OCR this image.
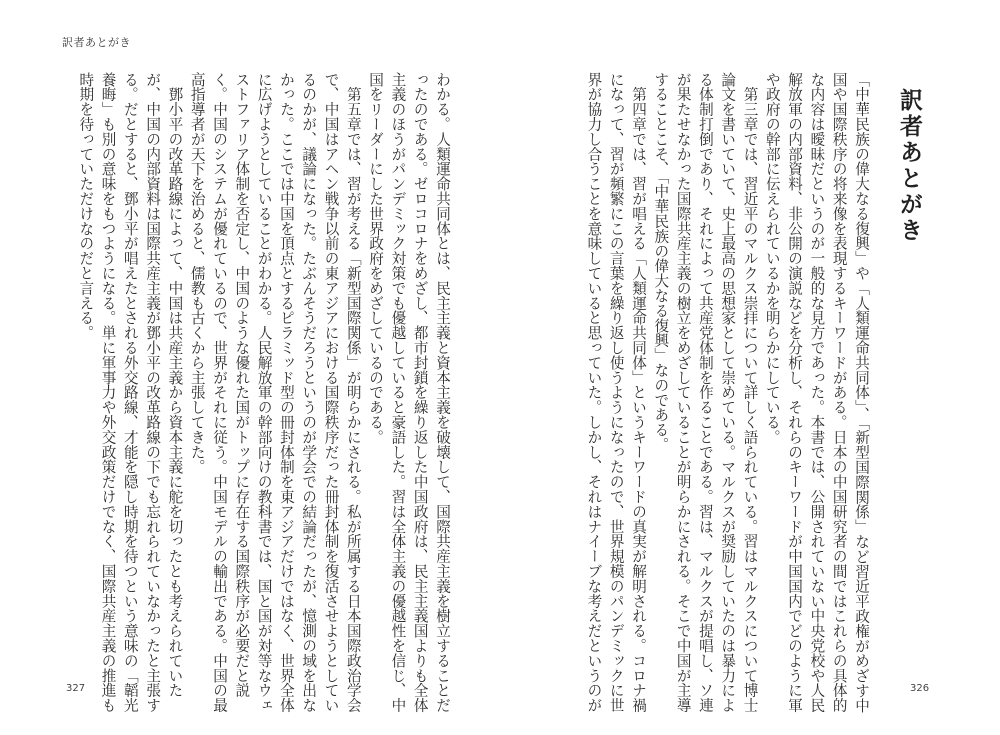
訳者あとがき
わかる。人類運命共同体とは、民主主義と資本主義を破壊して、国際共産主義を樹立することだ
ったのである。ゼロコロナをめざし、都市封鎖を繰り返した中国政府は、民主主義国よりも全体
主義のほうがパンデミック対策でも優越していると豪語した。習は全体主義の優越性を信じ、中
国をリーダーにした世界政府をめざしているのである。
　第五章では、習が考える「新型国際関係」が明らかにされる。私が所属する日本国際政治学会
で、中国はアヘン戦争以前の東アジアにおける国際秩序だった冊封体制を復活させようとしてい
るのかが、議論になった。たぶんそうだろうというのが学会での結論だったが、憶測の域を出な
かった。ここでは中国を頂点とするピラミッド型の冊封体制を東アジアだけではなく、世界全体
に広げようとしていることがわかる。人民解放軍の幹部向けの教科書では、国と国が対等なウェ
ストファリア体制を否定し、中国のような優れた国がトップに存在する国際秩序が必要だと説
く。中国のシステムが優れているので、世界がそれに従う。中国モデルの輸出である。中国の最
高指導者が天下を治めると、儒教も古くから主張してきた。
　鄧小平の改革路線によって、中国は共産主義から資本主義に舵を切ったとも考えられていた
が、中国の内部資料は国際共産主義が鄧小平の改革路線の下でも忘れられていなかったと主張す
る。だとすると、鄧小平が唱えたとされる外交路線、才能を隠し時期を待つという意味の「韜光
養晦」も別の意味をもつようになる。単に軍事力や外交政策だけでなく、国際共産主義の推進も
時期を待っていただけなのだと言える。
327
訳者あとがき
「中華民族の偉大なる復興」や「人類運命共同体」、「新型国際関係」など習近平政権がめざす中
国や国際秩序の将来像を表現するキーワードがある。日本の中国研究者の間ではこれらの具体的
な内容は曖昧だというのが一般的な見方であった。本書では、公開されていない中央党校や人民
解放軍の内部資料、非公開の演説などを分析し、それらのキーワードが中国国内でどのように軍
や政府の幹部に伝えられているかを明らかにしている。
　第三章では、習近平のマルクス崇拝について詳しく語られている。習はマルクスについて博士
論文を書いていて、史上最高の思想家として崇めている。マルクスが奨励していたのは暴力によ
る体制打倒であり、それによって共産党体制を作ることである。習は、マルクスが提唱し、ソ連
が果たせなかった国際共産主義の樹立をめざしていることが明らかにされる。そこで中国が主導
することこそ、「中華民族の偉大なる復興」なのである。
　第四章では、習が唱える「人類運命共同体」というキーワードの真実が解明される。コロナ禍
になって、習が頻繁にこの言葉を繰り返し使うようになったので、世界規模のパンデミックに世
界が協力し合うことを意味していると思っていた。しかし、それはナイーブな考えだというのが	326
